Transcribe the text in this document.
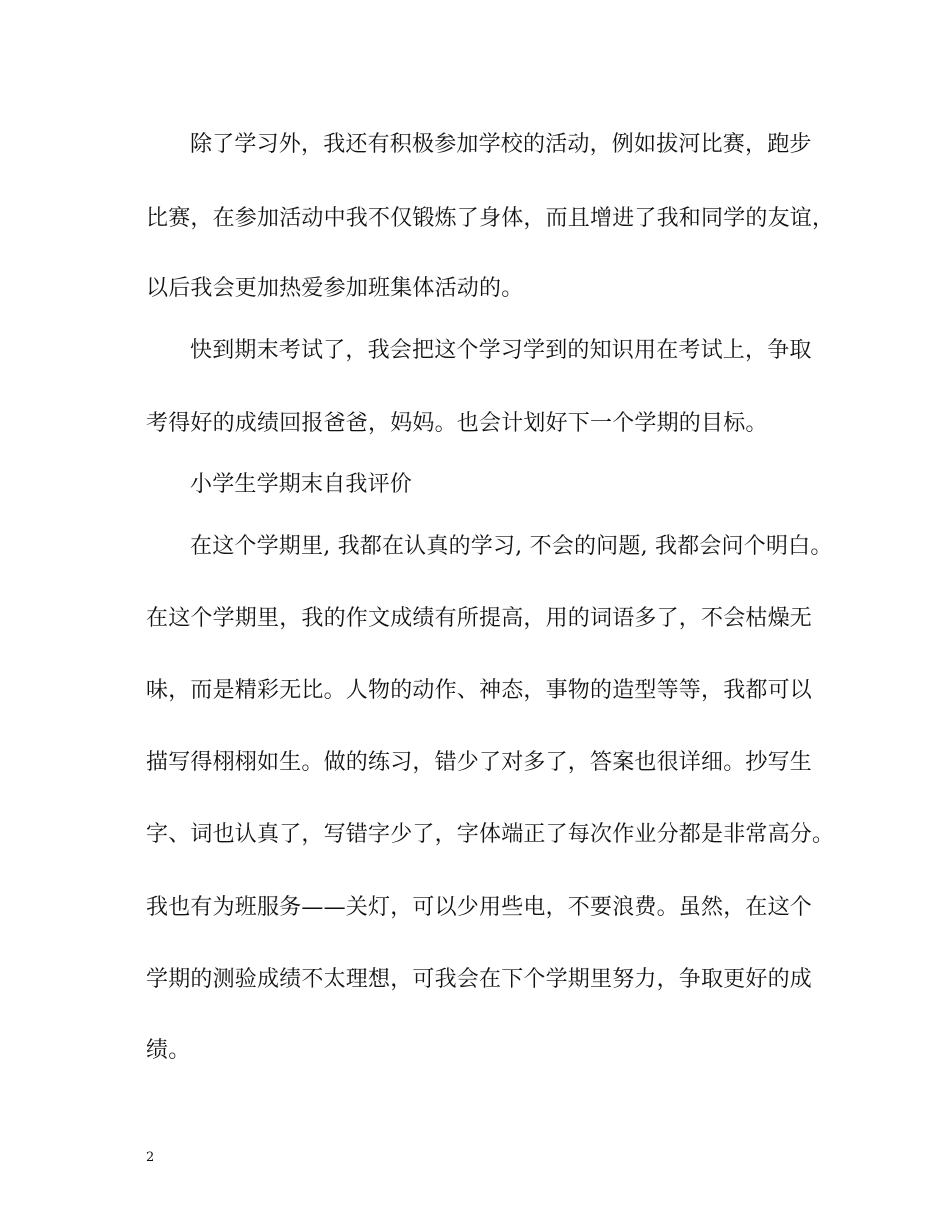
除了学习外，我还有积极参加学校的活动，例如拔河比赛，跑步
比赛，在参加活动中我不仅锻炼了身体，而且增进了我和同学的友谊，
以后我会更加热爱参加班集体活动的。
快到期末考试了，我会把这个学习学到的知识用在考试上，争取
考得好的成绩回报爸爸，妈妈。也会计划好下一个学期的目标。
小学生学期末自我评价
在这个学期里, 我都在认真的学习, 不会的问题, 我都会问个明白。
在这个学期里，我的作文成绩有所提高，用的词语多了，不会枯燥无
味，而是精彩无比。人物的动作、神态，事物的造型等等，我都可以
描写得栩栩如生。做的练习，错少了对多了，答案也很详细。抄写生
字、词也认真了，写错字少了，字体端正了每次作业分都是非常高分。
我也有为班服务——关灯，可以少用些电，不要浪费。虽然，在这个
学期的测验成绩不太理想，可我会在下个学期里努力，争取更好的成
绩。
2
